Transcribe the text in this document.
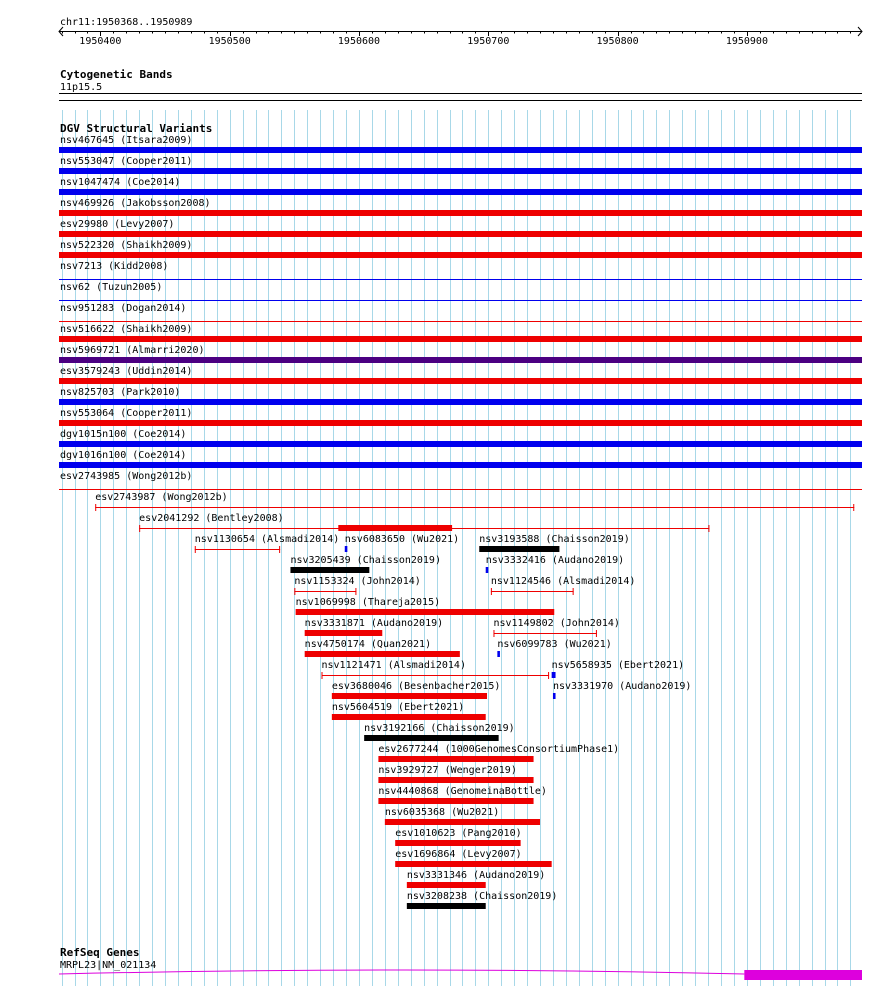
chr11:1950368..1950989
1950400	1950500	1950600	1950700	1950800	1950900
Cytogenetic Bands
11p15.5
DGV Structural Variants
nsv467645 (Itsara2009)
nsv553047 (Cooper2011)
nsv1047474 (Coe2014)
nsv469926 (Jakobsson2008)
esv29980 (Levy2007)
nsv522320 (Shaikh2009)
nsv7213 (Kidd2008)
nsv62 (Tuzun2005)
nsv951283 (Dogan2014)
nsv516622 (Shaikh2009)
nsv5969721 (Almarri2020)
esv3579243 (Uddin2014)
nsv825703 (Park2010)
nsv553064 (Cooper2011)
dgv1015n100 (Coe2014)
dgv1016n100 (Coe2014)
esv2743985 (Wong2012b)
esv2743987 (Wong2012b)
esv2041292 (Bentley2008)
nsv1130654 (Alsmadi2014) nsv6083650 (Wu2021) nsv3193588 (Chaisson2019)
nsv3205439 (Chaisson2019)	nsv3332416 (Audano2019)
nsv1153324 (John2014)	nsv1124546 (Alsmadi2014)
nsv1069998 (Thareja2015)
nsv3331871 (Audano2019)	nsv1149802 (John2014)
nsv4750174 (Quan2021)	nsv6099783 (Wu2021)
nsv1121471 (Alsmadi2014)	nsv5658935 (Ebert2021)
esv3680046 (Besenbacher2015)	nsv3331970 (Audano2019)
nsv5604519 (Ebert2021)
nsv3192166 (Chaisson2019)
esv2677244 (1000GenomesConsortiumPhase1)
nsv3929727 (Wenger2019)
nsv4440868 (GenomeinaBottle)
nsv6035368 (Wu2021)
esv1010623 (Pang2010)
esv1696864 (Levy2007)
nsv3331346 (Audano2019)
nsv3208238 (Chaisson2019)
RefSeq Genes
MRPL23|NM_021134
